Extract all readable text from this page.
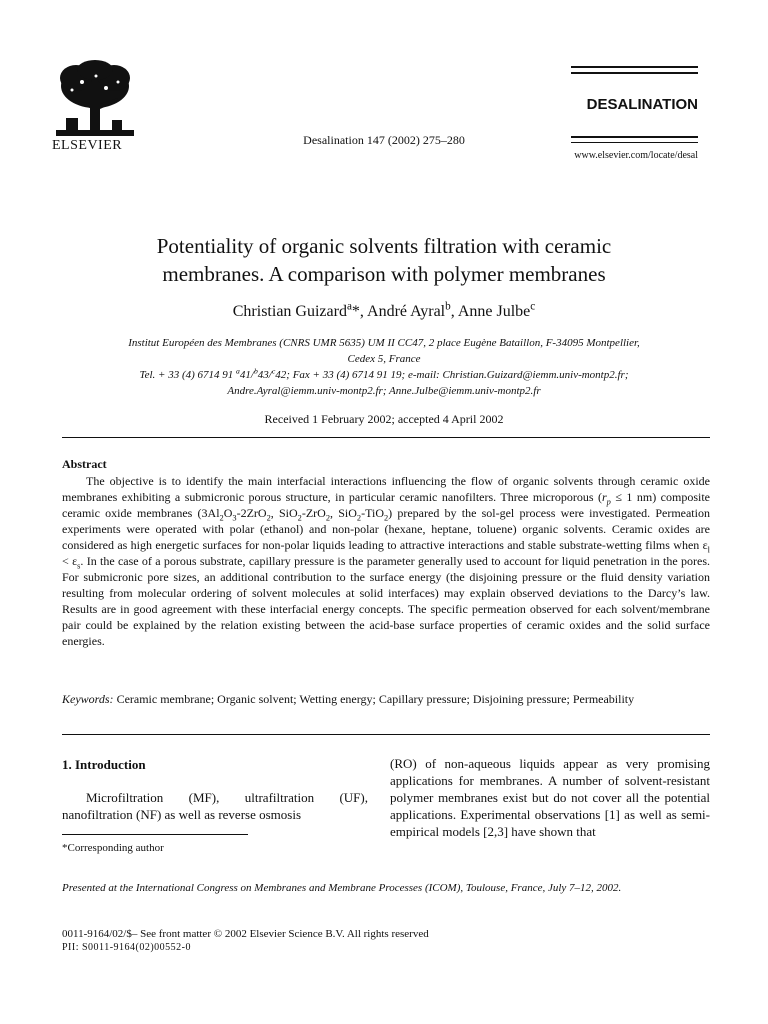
ELSEVIER	Desalination 147 (2002) 275–280
DESALINATION
www.elsevier.com/locate/desal
Potentiality of organic solvents filtration with ceramic
membranes. A comparison with polymer membranes
Christian Guizard$^a$*, André Ayral$^b$, Anne Julbe$^c$
Institut Européen des Membranes (CNRS UMR 5635) UM II CC47, 2 place Eugène Bataillon, F-34095 Montpellier,
Cedex 5, France
Tel. + 33 (4) 6714 91 $^a$41/$^b$43/$^c$42; Fax + 33 (4) 6714 91 19; e-mail: Christian.Guizard@iemm.univ-montp2.fr;
Andre.Ayral@iemm.univ-montp2.fr; Anne.Julbe@iemm.univ-montp2.fr
Received 1 February 2002; accepted 4 April 2002
Abstract
The objective is to identify the main interfacial interactions influencing the flow of organic solvents through ceramic oxide membranes exhibiting a submicronic porous structure, in particular ceramic nanofilters. Three microporous ($r_p \le 1$ nm) composite ceramic oxide membranes ($3Al_2O_3-2ZrO_2$, SiO$_2$-ZrO$_2$, SiO$_2$-TiO$_2$) prepared by the sol-gel process were investigated. Permeation experiments were operated with polar (ethanol) and non-polar (hexane, heptane, toluene) organic solvents. Ceramic oxides are considered as high energetic surfaces for non-polar liquids leading to attractive interactions and stable substrate-wetting films when $\varepsilon_l < \varepsilon_s$. In the case of a porous substrate, capillary pressure is the parameter generally used to account for liquid penetration in the pores. For submicronic pore sizes, an additional contribution to the surface energy (the disjoining pressure or the fluid density variation resulting from molecular ordering of solvent molecules at solid interfaces) may explain observed deviations to the Darcy’s law. Results are in good agreement with these interfacial energy concepts. The specific permeation observed for each solvent/membrane pair could be explained by the relation existing between the acid-base surface properties of ceramic oxides and the solid surface energies.
Keywords: Ceramic membrane; Organic solvent; Wetting energy; Capillary pressure; Disjoining pressure; Permeability
1. Introduction
Microfiltration (MF), ultrafiltration (UF), nanofiltration (NF) as well as reverse osmosis
*Corresponding author
(RO) of non-aqueous liquids appear as very promising applications for membranes. A number of solvent-resistant polymer membranes exist but do not cover all the potential applications. Experimental observations [1] as well as semi-empirical models [2,3] have shown that
Presented at the International Congress on Membranes and Membrane Processes (ICOM), Toulouse, France, July 7–12, 2002.
0011-9164/02/$– See front matter © 2002 Elsevier Science B.V. All rights reserved
PII: S0011-9164(02)00552-0
